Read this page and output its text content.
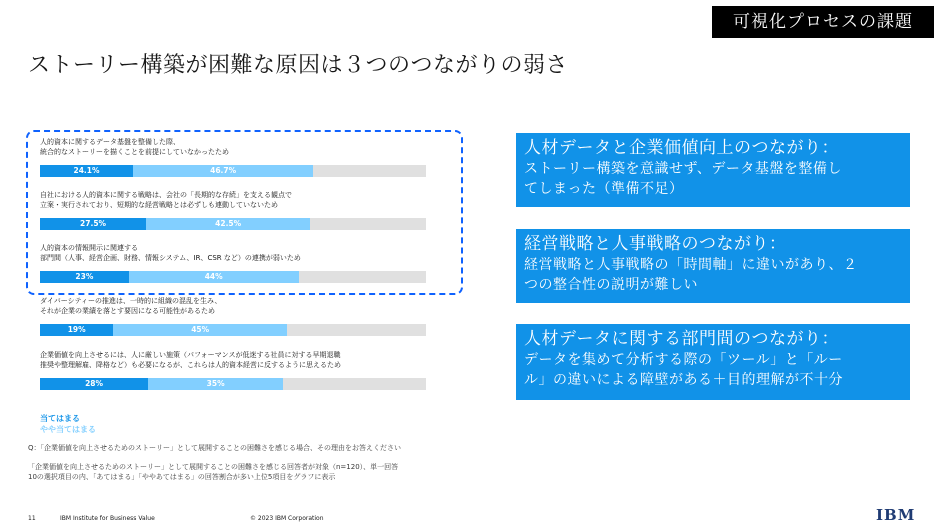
可視化プロセスの課題
ストーリー構築が困難な原因は３つのつながりの弱さ
人的資本に関するデータ基盤を整備した際、
統合的なストーリーを描くことを前提にしていなかったため
24.1%	46.7%
自社における人的資本に関する戦略は、会社の「長期的な存続」を支える観点で
立案・実行されており、短期的な経営戦略とは必ずしも連動していないため
27.5%	42.5%
人的資本の情報開示に関連する
部門間（人事、経営企画、財務、情報システム、IR、CSR など）の連携が弱いため
23%	44%
ダイバーシティーの推進は、一時的に組織の混乱を生み、
それが企業の業績を落とす要因になる可能性があるため
19%	45%
企業価値を向上させるには、人に厳しい施策（パフォーマンスが低迷する社員に対する早期退職
推奨や整理解雇、降格など）も必要になるが、これらは人的資本経営に反するように思えるため
28%	35%
当てはまる
やや当てはまる
Q：「企業価値を向上させるためのストーリー」として展開することの困難さを感じる場合、その理由をお答えください
「企業価値を向上させるためのストーリー」として展開することの困難さを感じる回答者が対象（n=120）、単一回答
10の選択項目の内、「あてはまる」「ややあてはまる」の回答割合が多い上位5項目をグラフに表示
人材データと企業価値向上のつながり：
ストーリー構築を意識せず、データ基盤を整備し
てしまった（準備不足）
経営戦略と人事戦略のつながり：
経営戦略と人事戦略の「時間軸」に違いがあり、２
つの整合性の説明が難しい
人材データに関する部門間のつながり：
データを集めて分析する際の「ツール」と「ルー
ル」の違いによる障壁がある＋目的理解が不十分
11	IBM Institute for Business Value	© 2023 IBM Corporation	IBM
